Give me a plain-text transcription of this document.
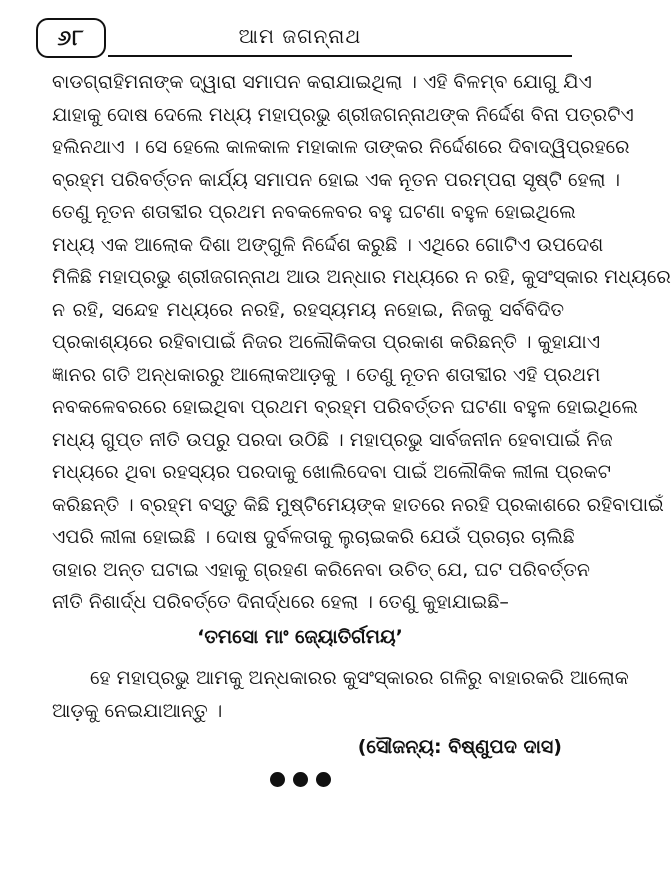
୬୮	ଆମ ଜଗନ୍ନାଥ
ବାଡଗ୍ରାହିମନାଙ୍କ ଦ୍ୱାରା ସମାପନ କରାଯାଇଥିଲା । ଏହି ବିଳମ୍ବ ଯୋଗୁ ଯିଏ
ଯାହାକୁ ଦୋଷ ଦେଲେ ମଧ୍ୟ ମହାପ୍ରଭୁ ଶ୍ରୀଜଗନ୍ନାଥଙ୍କ ନିର୍ଦ୍ଦେଶ ବିନା ପତ୍ରଟିଏ
ହଲିନଥାଏ । ସେ ହେଲେ କାଳକାଳ ମହାକାଳ ତାଙ୍କର ନିର୍ଦ୍ଦେଶରେ ଦିବାଦ୍ୱିପ୍ରହରେ
ବ୍ରହ୍ମ ପରିବର୍ତ୍ତନ କାର୍ଯ୍ୟ ସମାପନ ହୋଇ ଏକ ନୂତନ ପରମ୍ପରା ସୃଷ୍ଟି ହେଲା ।
ତେଣୁ ନୂତନ ଶତାବ୍ଦୀର ପ୍ରଥମ ନବକଳେବର ବହୁ ଘଟଣା ବହୁଳ ହୋଇଥିଲେ
ମଧ୍ୟ ଏକ ଆଲୋକ ଦିଶା ଅଙ୍ଗୁଳି ନିର୍ଦ୍ଦେଶ କରୁଛି । ଏଥିରେ ଗୋଟିଏ ଉପଦେଶ
ମିଳିଛି ମହାପ୍ରଭୁ ଶ୍ରୀଜଗନ୍ନାଥ ଆଉ ଅନ୍ଧାର ମଧ୍ୟରେ ନ ରହି, କୁସଂସ୍କାର ମଧ୍ୟରେ
ନ ରହି, ସନ୍ଦେହ ମଧ୍ୟରେ ନରହି, ରହସ୍ୟମୟ ନହୋଇ, ନିଜକୁ ସର୍ବବିଦିତ
ପ୍ରକାଶ୍ୟରେ ରହିବାପାଇଁ ନିଜର ଅଲୌକିକତା ପ୍ରକାଶ କରିଛନ୍ତି । କୁହାଯାଏ
ଜ୍ଞାନର ଗତି ଅନ୍ଧକାରରୁ ଆଲୋକଆଡ଼କୁ । ତେଣୁ ନୂତନ ଶତାବ୍ଦୀର ଏହି ପ୍ରଥମ
ନବକଳେବରରେ ହୋଇଥିବା ପ୍ରଥମ ବ୍ରହ୍ମ ପରିବର୍ତ୍ତନ ଘଟଣା ବହୁଳ ହୋଇଥିଲେ
ମଧ୍ୟ ଗୁପ୍ତ ନୀତି ଉପରୁ ପରଦା ଉଠିଛି । ମହାପ୍ରଭୁ ସାର୍ବଜନୀନ ହେବାପାଇଁ ନିଜ
ମଧ୍ୟରେ ଥିବା ରହସ୍ୟର ପରଦାକୁ ଖୋଲିଦେବା ପାଇଁ ଅଲୌକିକ ଲୀଳା ପ୍ରକଟ
କରିଛନ୍ତି । ବ୍ରହ୍ମ ବସ୍ତୁ କିଛି ମୁଷ୍ଟିମେୟଙ୍କ ହାତରେ ନରହି ପ୍ରକାଶରେ ରହିବାପାଇଁ
ଏପରି ଲୀଳା ହୋଇଛି । ଦୋଷ ଦୁର୍ବଳତାକୁ ଲୁଚାଇକରି ଯେଉଁ ପ୍ରଚାର ଚାଲିଛି
ତାହାର ଅନ୍ତ ଘଟାଇ ଏହାକୁ ଗ୍ରହଣ କରିନେବା ଉଚିତ୍ ଯେ, ଘଟ ପରିବର୍ତ୍ତନ
ନୀତି ନିଶାର୍ଦ୍ଧ ପରିବର୍ତ୍ତେ ଦିନାର୍ଦ୍ଧରେ ହେଲା । ତେଣୁ କୁହାଯାଇଛି–
‘ତମସୋ ମାଂ ଜ୍ୟୋତିର୍ଗମୟ’
ହେ ମହାପ୍ରଭୁ ଆମକୁ ଅନ୍ଧକାରର କୁସଂସ୍କାରର ଗଳିରୁ ବାହାରକରି ଆଲୋକ
ଆଡ଼କୁ ନେଇଯାଆନ୍ତୁ ।
(ସୌଜନ୍ୟ: ବିଷ୍ଣୁପଦ ଦାସ)
